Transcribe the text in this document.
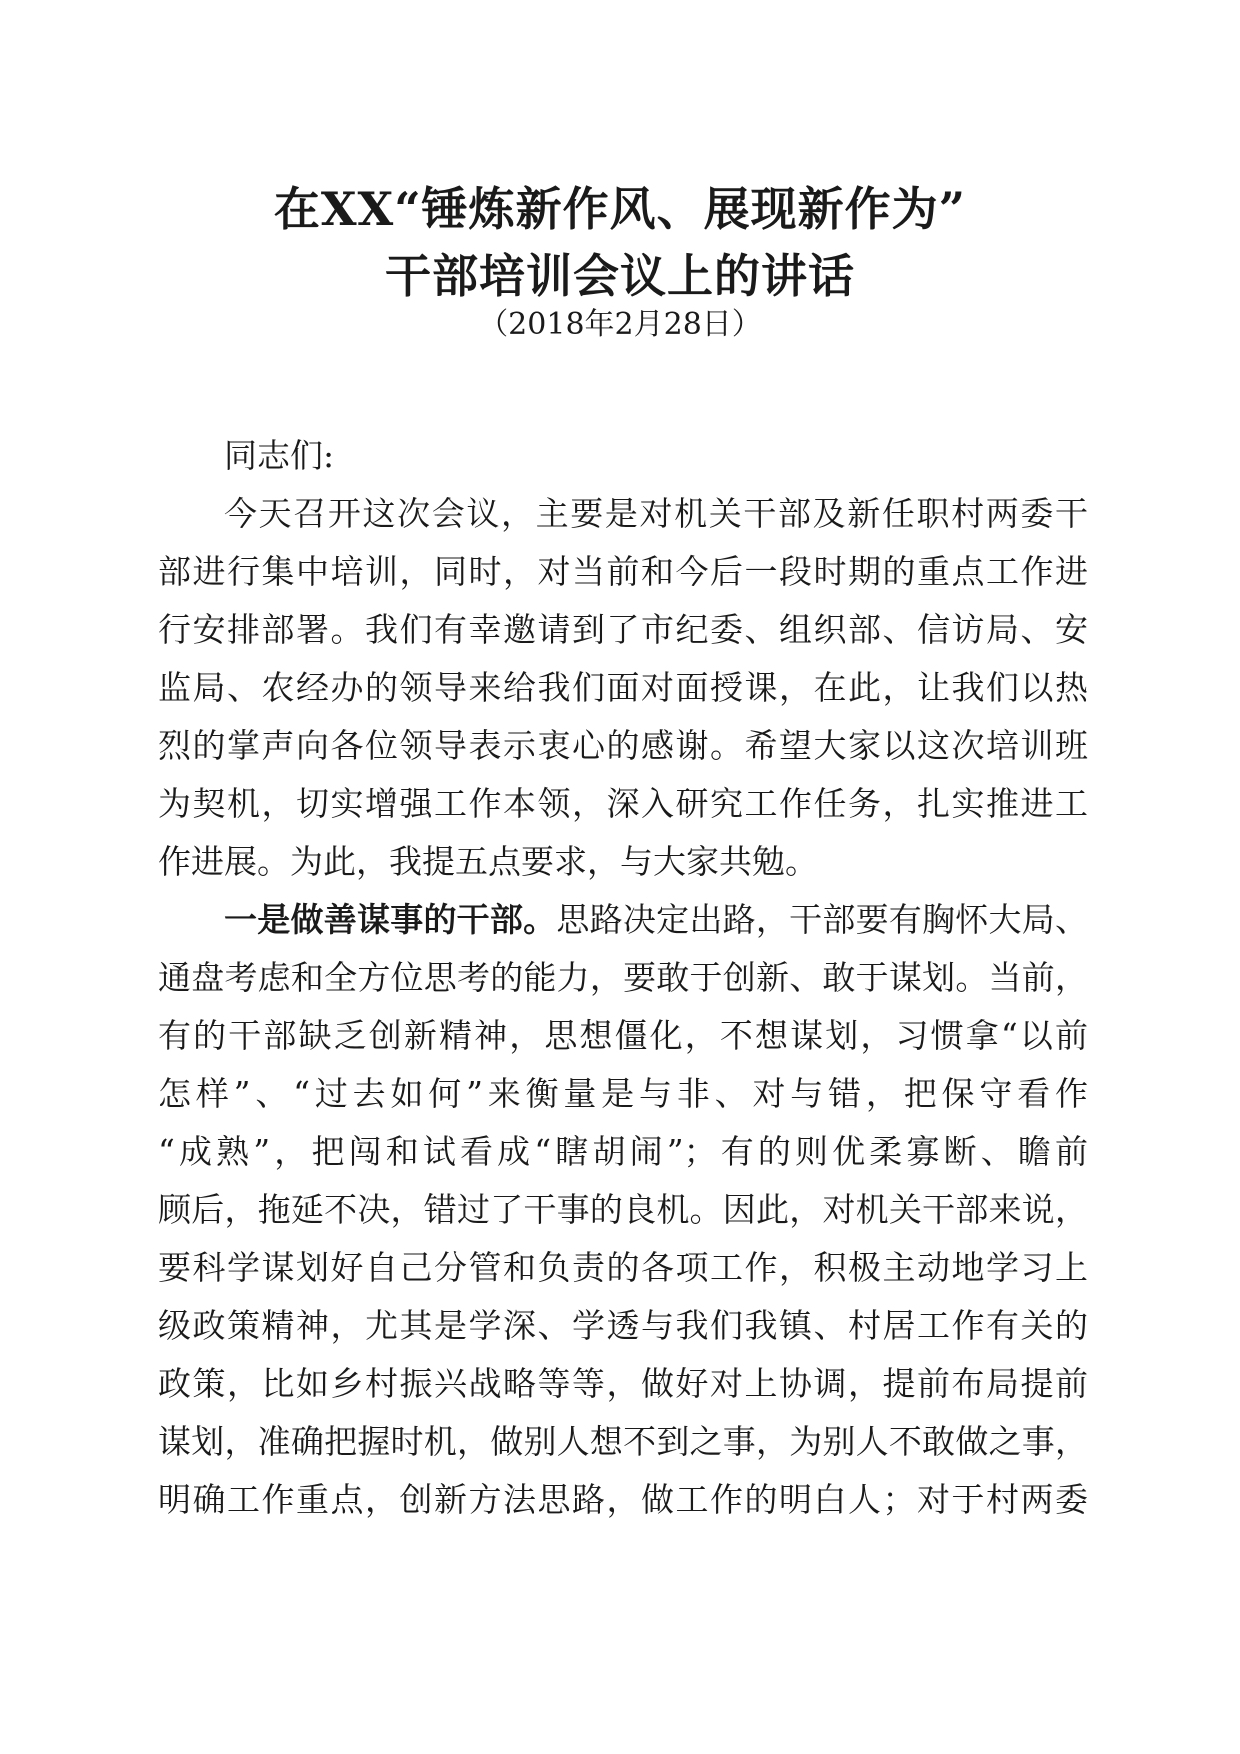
在XX“锤炼新作风、展现新作为”
干部培训会议上的讲话
（2018年2月28日）
同志们:
今天召开这次会议，主要是对机关干部及新任职村两委干
部进行集中培训，同时，对当前和今后一段时期的重点工作进
行安排部署。我们有幸邀请到了市纪委、组织部、信访局、安
监局、农经办的领导来给我们面对面授课，在此，让我们以热
烈的掌声向各位领导表示衷心的感谢。希望大家以这次培训班
为契机，切实增强工作本领，深入研究工作任务，扎实推进工
作进展。为此，我提五点要求，与大家共勉。
一是做善谋事的干部。思路决定出路，干部要有胸怀大局、
通盘考虑和全方位思考的能力，要敢于创新、敢于谋划。当前，
有的干部缺乏创新精神，思想僵化，不想谋划，习惯拿“以前
怎样”、“过去如何”来衡量是与非、对与错，把保守看作
“成熟”，把闯和试看成“瞎胡闹”；有的则优柔寡断、瞻前
顾后，拖延不决，错过了干事的良机。因此，对机关干部来说，
要科学谋划好自己分管和负责的各项工作，积极主动地学习上
级政策精神，尤其是学深、学透与我们我镇、村居工作有关的
政策，比如乡村振兴战略等等，做好对上协调，提前布局提前
谋划，准确把握时机，做别人想不到之事，为别人不敢做之事，
明确工作重点，创新方法思路，做工作的明白人；对于村两委
